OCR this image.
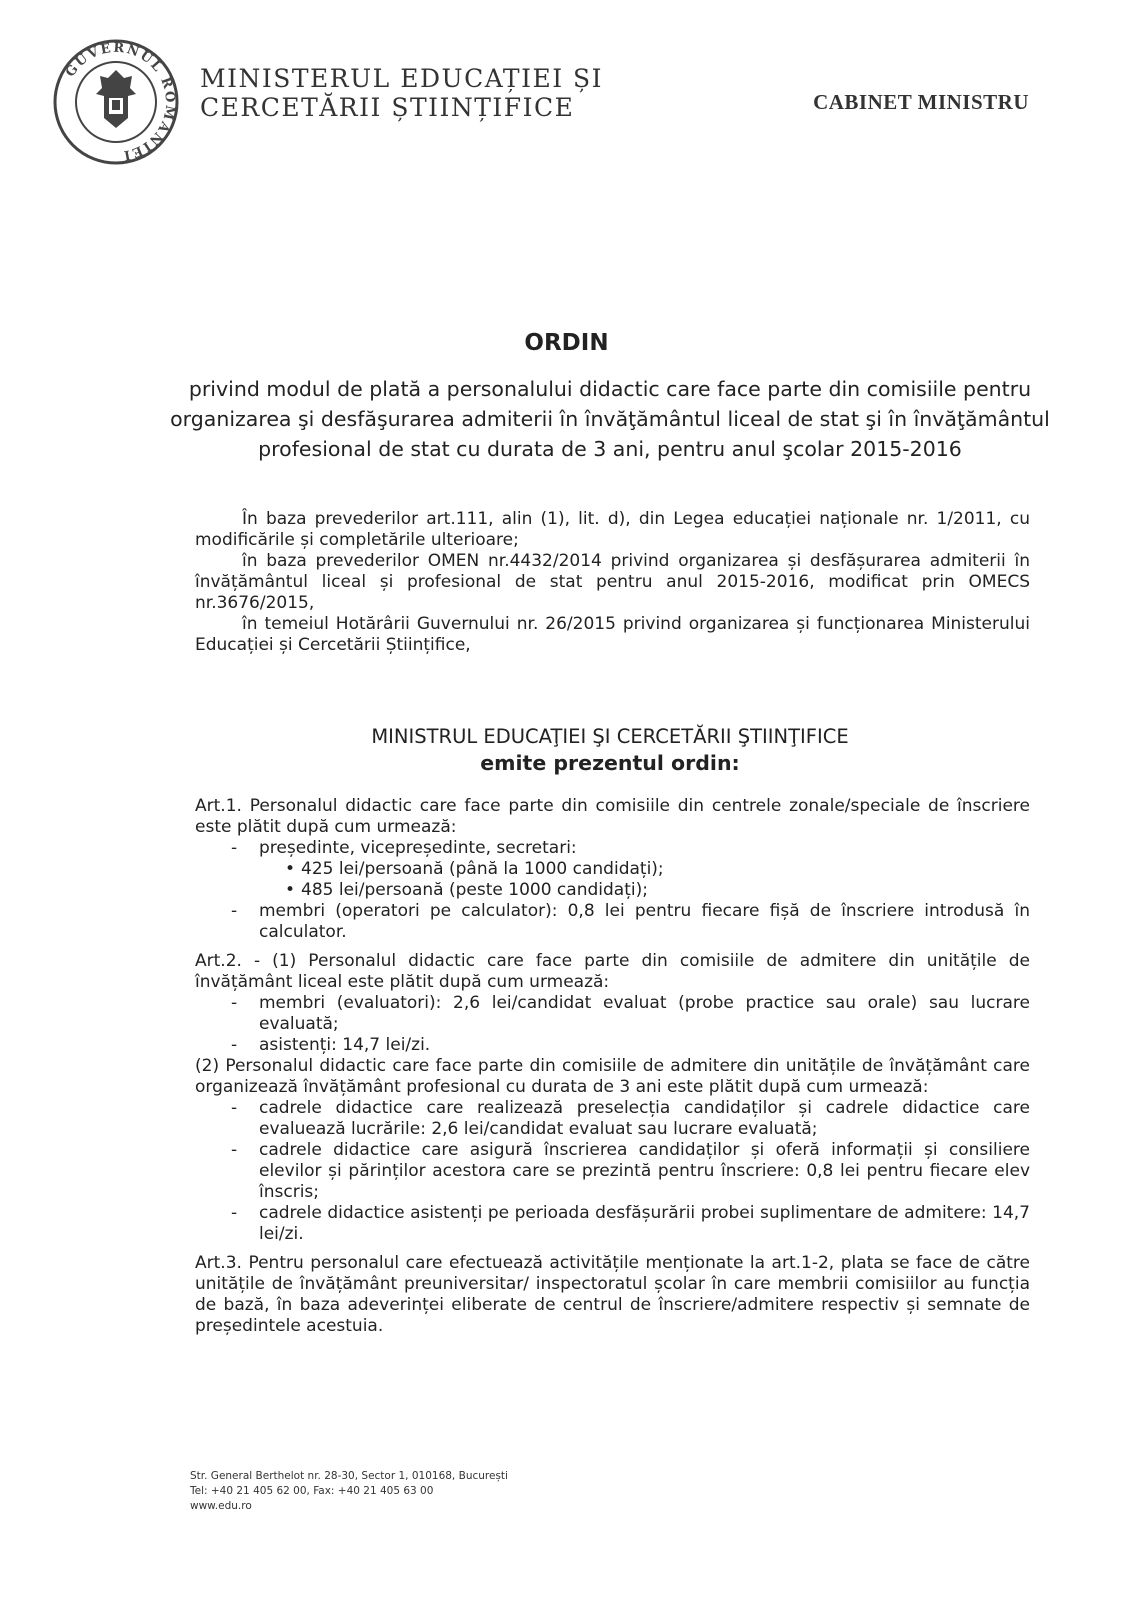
GUVERNUL ROMÂNIEI
MINISTERUL EDUCAȚIEI ȘI
CERCETĂRII ȘTIINȚIFICE	CABINET MINISTRU
ORDIN
privind modul de plată a personalului didactic care face parte din comisiile pentru organizarea şi desfăşurarea admiterii în învăţământul liceal de stat şi în învăţământul profesional de stat cu durata de 3 ani, pentru anul şcolar 2015-2016

În baza prevederilor art.111, alin (1), lit. d), din Legea educației naționale nr. 1/2011, cu modificările și completările ulterioare;

în baza prevederilor OMEN nr.4432/2014 privind organizarea și desfășurarea admiterii în învățământul liceal și profesional de stat pentru anul 2015-2016, modificat prin OMECS nr.3676/2015,

în temeiul Hotărârii Guvernului nr. 26/2015 privind organizarea și funcționarea Ministerului Educației și Cercetării Științifice,

MINISTRUL EDUCAŢIEI ŞI CERCETĂRII ŞTIINŢIFICE
emite prezentul ordin:

Art.1. Personalul didactic care face parte din comisiile din centrele zonale/speciale de înscriere este plătit după cum urmează:

-	președinte, vicepreședinte, secretari:
• 425 lei/persoană (până la 1000 candidați);
• 485 lei/persoană (peste 1000 candidați);
-	membri (operatori pe calculator): 0,8 lei pentru fiecare fișă de înscriere introdusă în calculator.

Art.2. - (1) Personalul didactic care face parte din comisiile de admitere din unitățile de învățământ liceal este plătit după cum urmează:

-	membri (evaluatori): 2,6 lei/candidat evaluat (probe practice sau orale) sau lucrare evaluată;
-	asistenți: 14,7 lei/zi.

(2) Personalul didactic care face parte din comisiile de admitere din unitățile de învățământ care organizează învățământ profesional cu durata de 3 ani este plătit după cum urmează:

-	cadrele didactice care realizează preselecția candidaților și cadrele didactice care evaluează lucrările: 2,6 lei/candidat evaluat sau lucrare evaluată;
-	cadrele didactice care asigură înscrierea candidaților și oferă informații și consiliere elevilor și părinților acestora care se prezintă pentru înscriere: 0,8 lei pentru fiecare elev înscris;
-	cadrele didactice asistenți pe perioada desfășurării probei suplimentare de admitere: 14,7 lei/zi.

Art.3. Pentru personalul care efectuează activitățile menționate la art.1-2, plata se face de către unitățile de învățământ preuniversitar/ inspectoratul școlar în care membrii comisiilor au funcția de bază, în baza adeverinței eliberate de centrul de înscriere/admitere respectiv și semnate de președintele acestuia.

Str. General Berthelot nr. 28-30, Sector 1, 010168, București
Tel: +40 21 405 62 00, Fax: +40 21 405 63 00
www.edu.ro
